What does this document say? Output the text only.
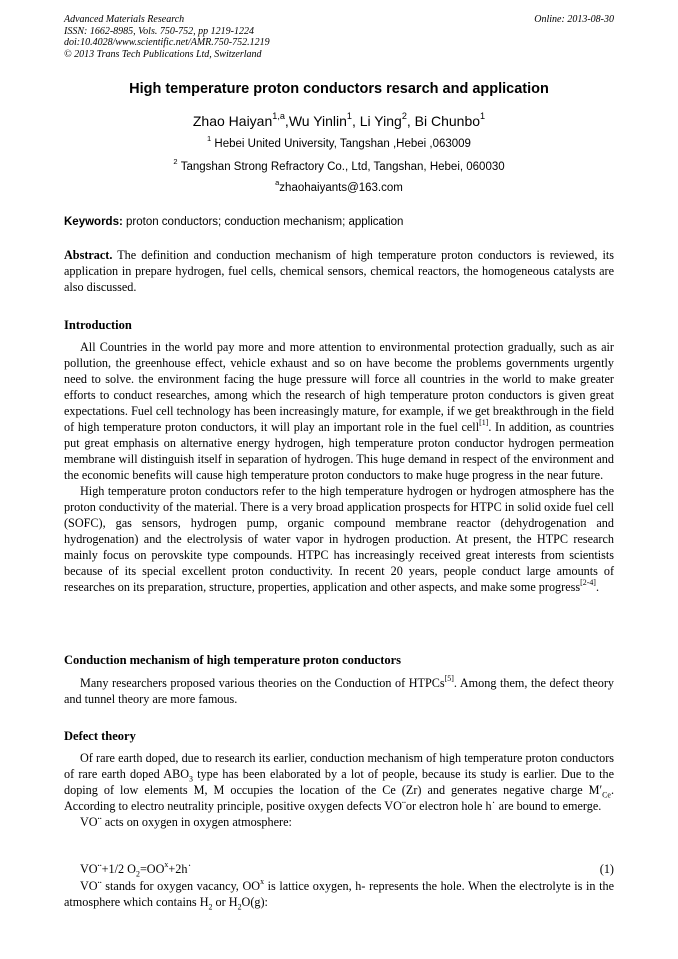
Advanced Materials Research
ISSN: 1662-8985, Vols. 750-752, pp 1219-1224
doi:10.4028/www.scientific.net/AMR.750-752.1219
© 2013 Trans Tech Publications Ltd, Switzerland
Online: 2013-08-30
High temperature proton conductors resarch and application
Zhao Haiyan$^{1,a}$,Wu Yinlin$^1$, Li Ying$^2$, Bi Chunbo$^1$
$^1$ Hebei United University, Tangshan ,Hebei ,063009
$^2$ Tangshan Strong Refractory Co., Ltd, Tangshan, Hebei, 060030
$^a$zhaohaiyants@163.com
Keywords: proton conductors; conduction mechanism; application

Abstract. The definition and conduction mechanism of high temperature proton conductors is reviewed, its application in prepare hydrogen, fuel cells, chemical sensors, chemical reactors, the homogeneous catalysts are also discussed.

Introduction

All Countries in the world pay more and more attention to environmental protection gradually, such as air pollution, the greenhouse effect, vehicle exhaust and so on have become the problems governments urgently need to solve. the environment facing the huge pressure will force all countries in the world to make greater efforts to conduct researches, among which the research of high temperature proton conductors is given great expectations. Fuel cell technology has been increasingly mature, for example, if we get breakthrough in the field of high temperature proton conductors, it will play an important role in the fuel cell[1]. In addition, as countries put great emphasis on alternative energy hydrogen, high temperature proton conductor hydrogen permeation membrane will distinguish itself in separation of hydrogen. This huge demand in respect of the environment and the economic benefits will cause high temperature proton conductors to make huge progress in the near future.

High temperature proton conductors refer to the high temperature hydrogen or hydrogen atmosphere has the proton conductivity of the material. There is a very broad application prospects for HTPC in solid oxide fuel cell (SOFC), gas sensors, hydrogen pump, organic compound membrane reactor (dehydrogenation and hydrogenation) and the electrolysis of water vapor in hydrogen production. At present, the HTPC research mainly focus on perovskite type compounds. HTPC has increasingly received great interests from scientists because of its special excellent proton conductivity. In recent 20 years, people conduct large amounts of researches on its preparation, structure, properties, application and other aspects, and make some progress[2-4].

Conduction mechanism of high temperature proton conductors

Many researchers proposed various theories on the Conduction of HTPCs[5]. Among them, the defect theory and tunnel theory are more famous.

Defect theory

Of rare earth doped, due to research its earlier, conduction mechanism of high temperature proton conductors of rare earth doped $ABO_3$ type has been elaborated by a lot of people, because its study is earlier. Due to the doping of low elements M, M occupies the location of the Ce (Zr) and generates negative charge $M'_{Ce}$. According to electro neutrality principle, positive oxygen defects VO¨or electron hole h˙ are bound to emerge.

VO¨ acts on oxygen in oxygen atmosphere:

VO¨+1/2 $O_2=OO^x+2h˙$	(1)

VO¨ stands for oxygen vacancy, $OO^x$ is lattice oxygen, h- represents the hole. When the electrolyte is in the atmosphere which contains $H_2$ or $H_2O(g)$:
